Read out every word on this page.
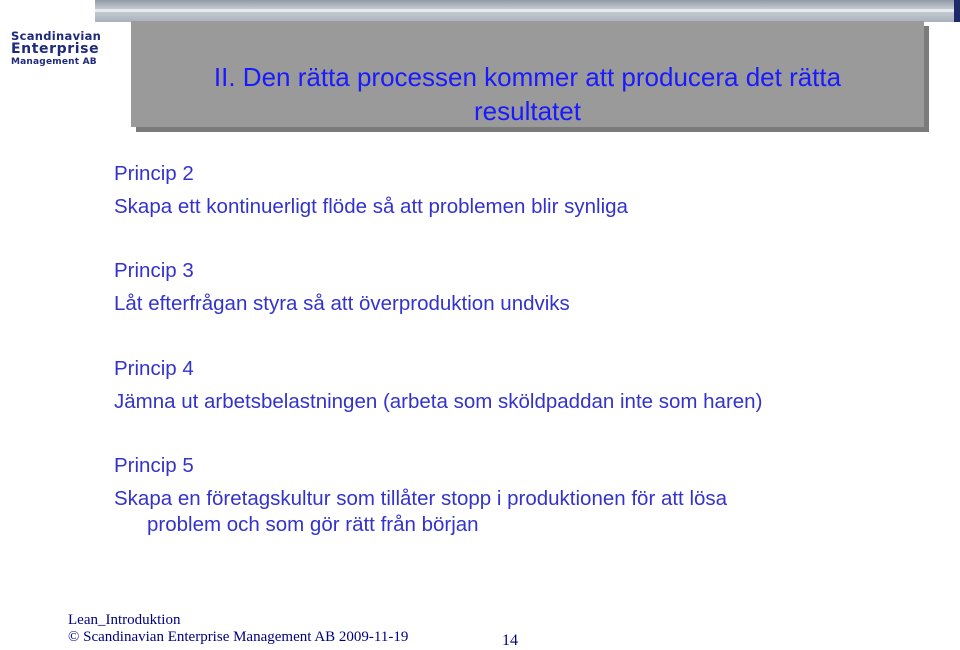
Scandinavian
Enterprise
Management AB	II. Den rätta processen kommer att producera det rätta
resultatet
Princip 2
Skapa ett kontinuerligt flöde så att problemen blir synliga
Princip 3
Låt efterfrågan styra så att överproduktion undviks
Princip 4
Jämna ut arbetsbelastningen (arbeta som sköldpaddan inte som haren)
Princip 5
Skapa en företagskultur som tillåter stopp i produktionen för att lösa
problem och som gör rätt från början
Lean_Introduktion
© Scandinavian Enterprise Management AB 2009-11-19	14
